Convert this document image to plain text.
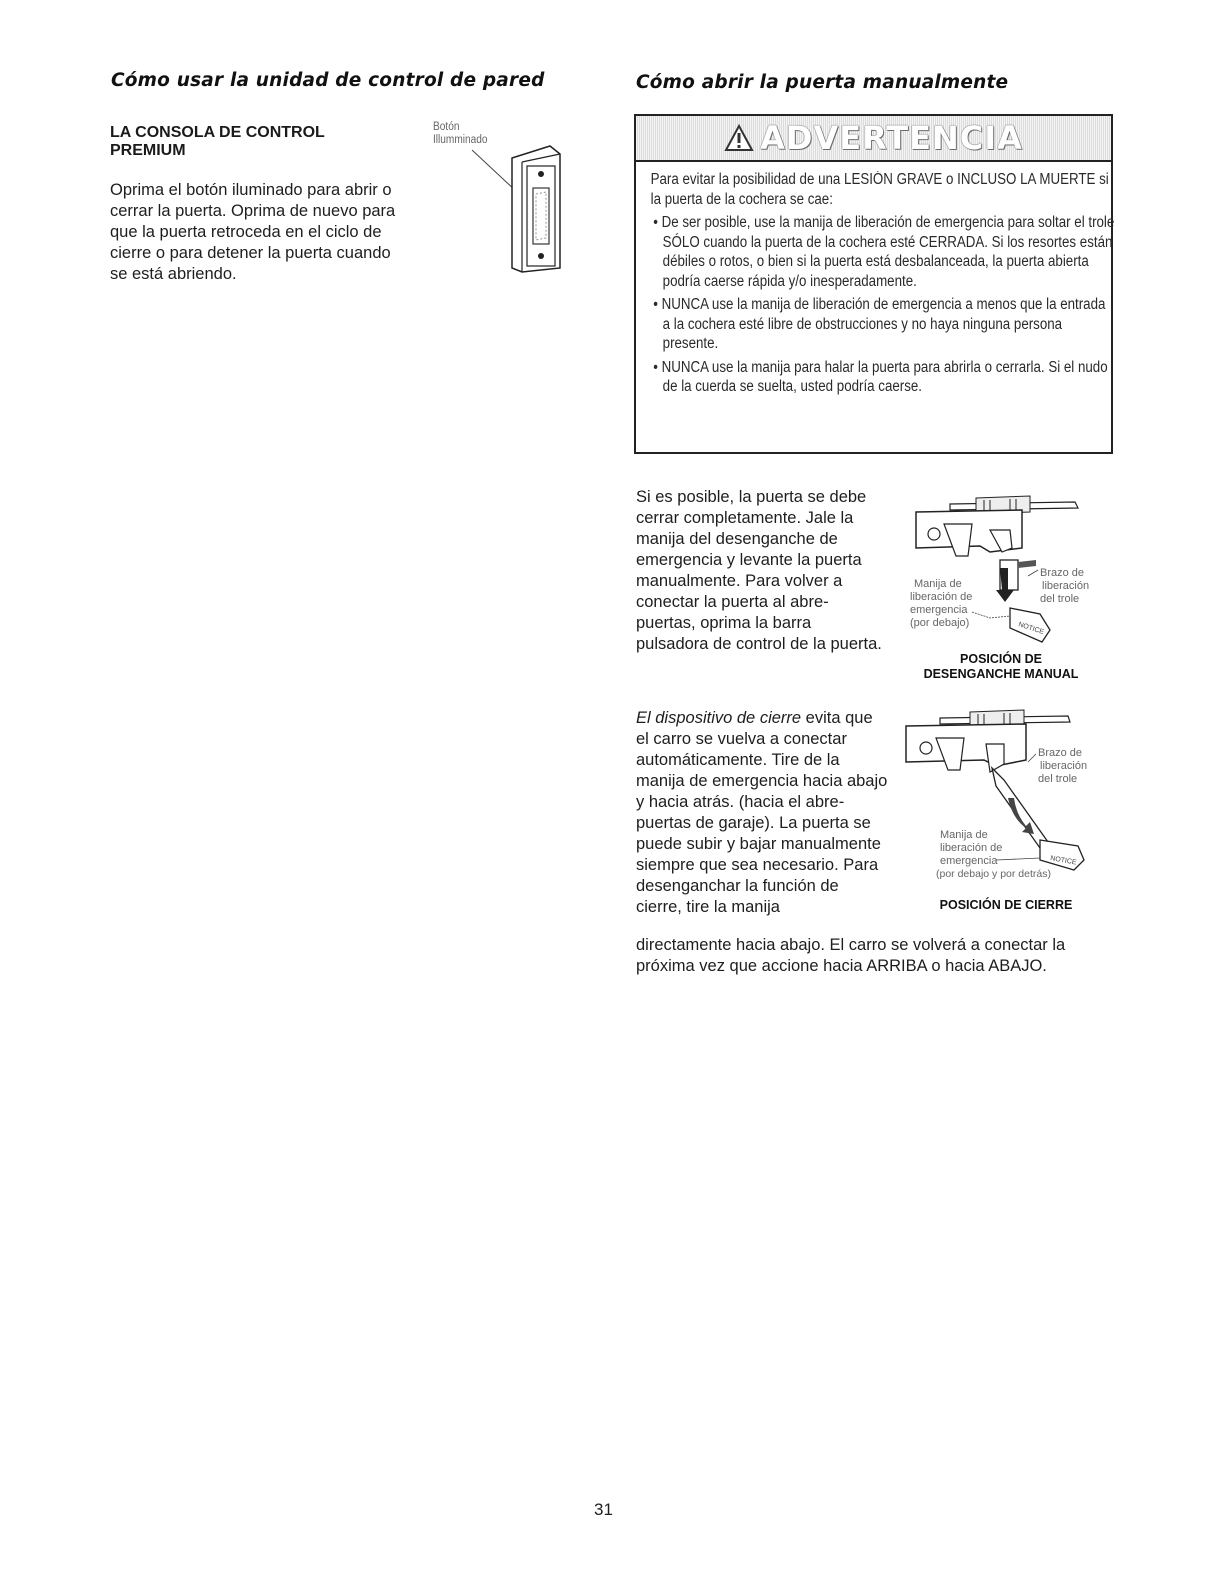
Cómo usar la unidad de control de pared
LA CONSOLA DE CONTROL
PREMIUM
Oprima el botón iluminado para abrir o cerrar la puerta. Oprima de nuevo para que la puerta retroceda en el ciclo de cierre o para detener la puerta cuando se está abriendo.
Botón
Illumminado
Cómo abrir la puerta manualmente
ADVERTENCIA

Para evitar la posibilidad de una LESIÓN GRAVE o INCLUSO LA MUERTE si la puerta de la cochera se cae:

• De ser posible, use la manija de liberación de emergencia para soltar el trole SÓLO cuando la puerta de la cochera esté CERRADA. Si los resortes están débiles o rotos, o bien si la puerta está desbalanceada, la puerta abierta podría caerse rápida y/o inesperadamente.

• NUNCA use la manija de liberación de emergencia a menos que la entrada a la cochera esté libre de obstrucciones y no haya ninguna persona presente.

• NUNCA use la manija para halar la puerta para abrirla o cerrarla. Si el nudo de la cuerda se suelta, usted podría caerse.

Si es posible, la puerta se debe cerrar completamente. Jale la manija del desenganche de emergencia y levante la puerta manualmente. Para volver a conectar la puerta al abre-puertas, oprima la barra pulsadora de control de la puerta.
NOTICE
Brazo de
liberación
del trole
Manija de
liberación de
emergencia
(por debajo)
POSICIÓN DE
DESENGANCHE MANUAL
El dispositivo de cierre evita que el carro se vuelva a conectar automáticamente. Tire de la manija de emergencia hacia abajo y hacia atrás. (hacia el abre-puertas de garaje). La puerta se puede subir y bajar manualmente siempre que sea necesario. Para desenganchar la función de cierre, tire la manija
directamente hacia abajo. El carro se volverá a conectar la próxima vez que accione hacia ARRIBA o hacia ABAJO.
NOTICE
Brazo de
liberación
del trole
Manija de
liberación de
emergencia
(por debajo y por detrás)
POSICIÓN DE CIERRE
31
